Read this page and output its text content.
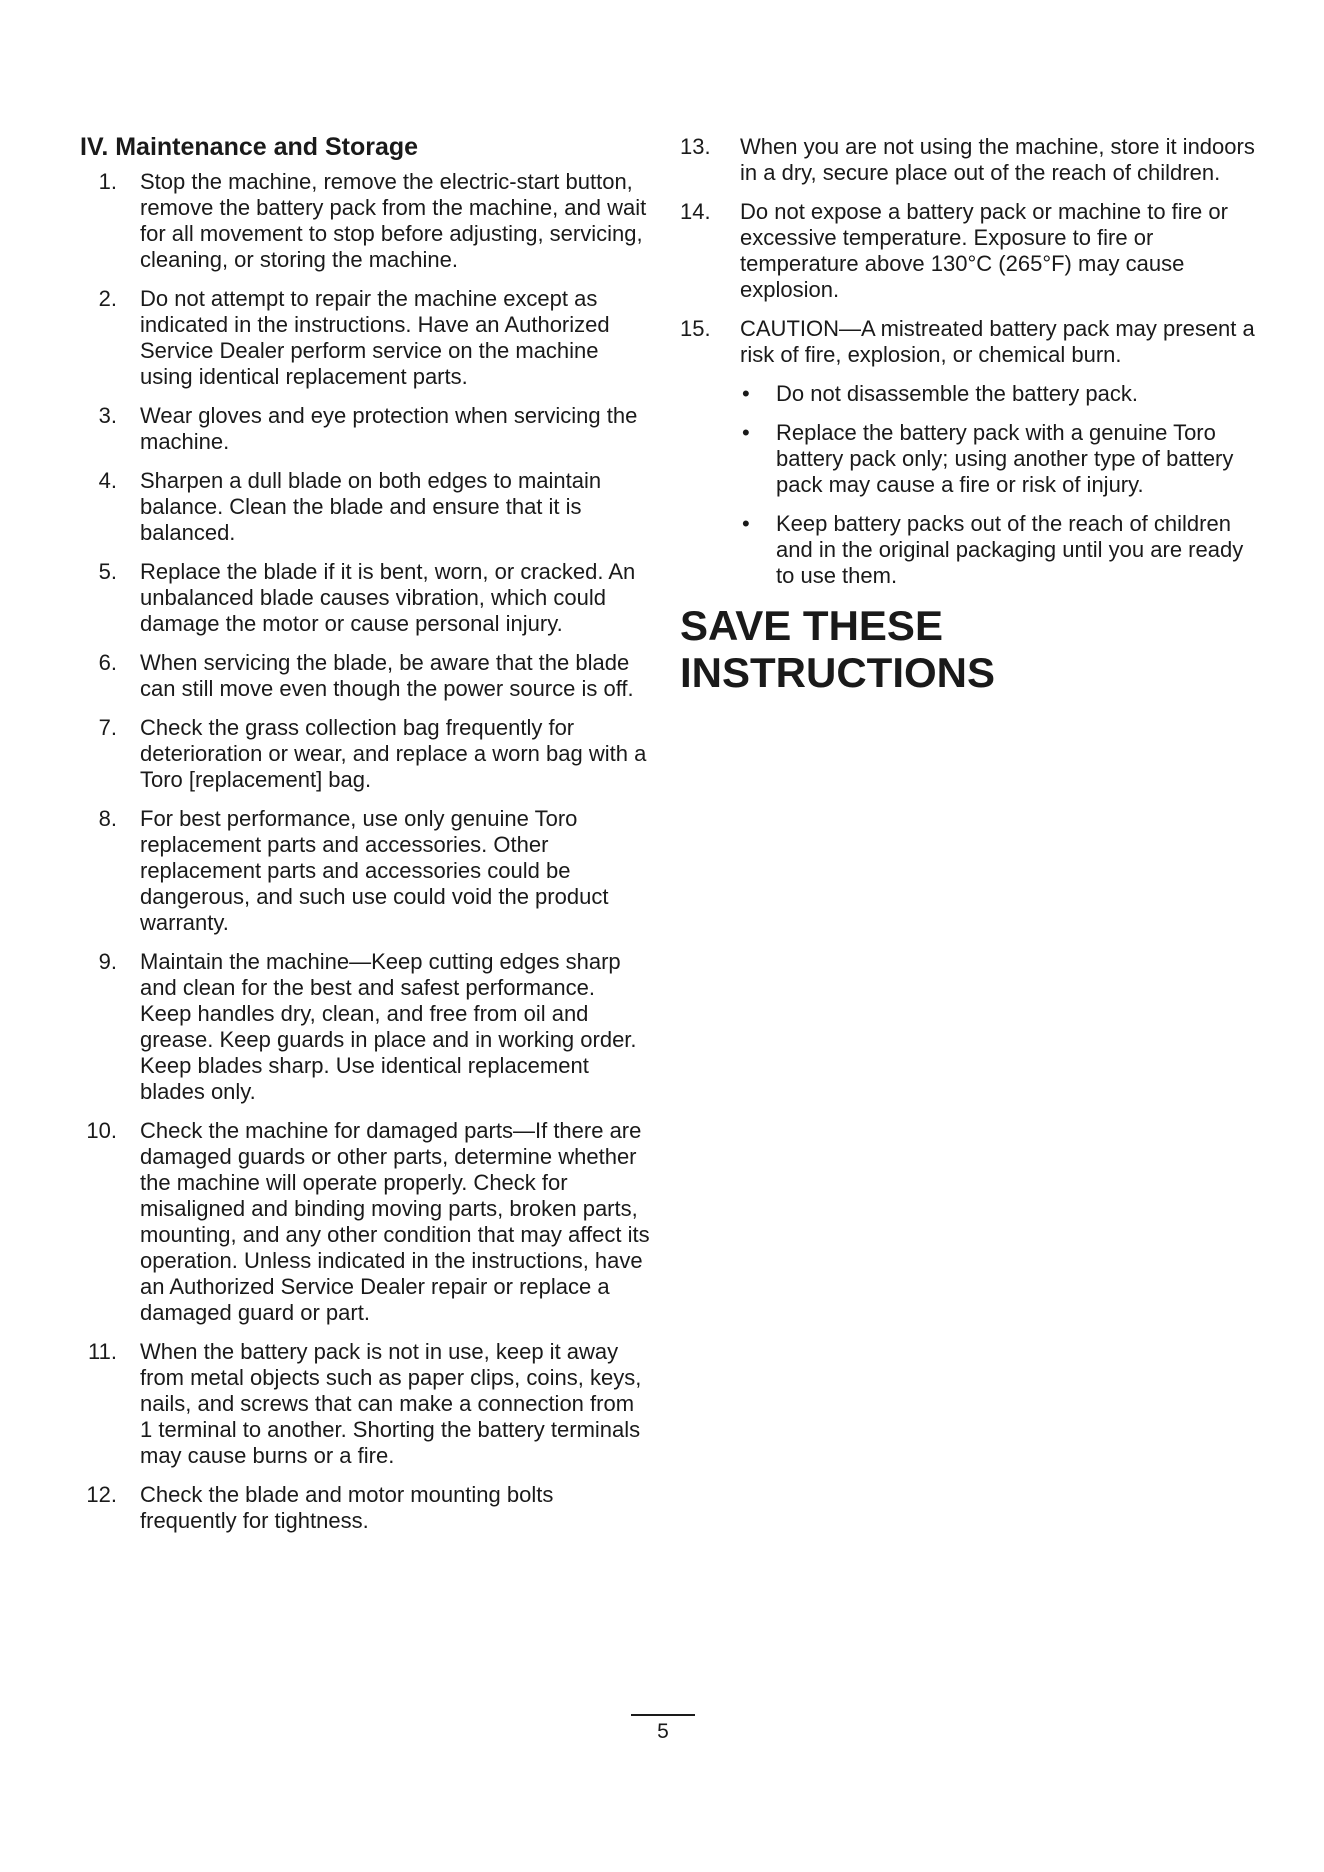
IV. Maintenance and Storage
1. Stop the machine, remove the electric-start button, remove the battery pack from the machine, and wait for all movement to stop before adjusting, servicing, cleaning, or storing the machine.
2. Do not attempt to repair the machine except as indicated in the instructions. Have an Authorized Service Dealer perform service on the machine using identical replacement parts.
3. Wear gloves and eye protection when servicing the machine.
4. Sharpen a dull blade on both edges to maintain balance. Clean the blade and ensure that it is balanced.
5. Replace the blade if it is bent, worn, or cracked. An unbalanced blade causes vibration, which could damage the motor or cause personal injury.
6. When servicing the blade, be aware that the blade can still move even though the power source is off.
7. Check the grass collection bag frequently for deterioration or wear, and replace a worn bag with a Toro [replacement] bag.
8. For best performance, use only genuine Toro replacement parts and accessories. Other replacement parts and accessories could be dangerous, and such use could void the product warranty.
9. Maintain the machine—Keep cutting edges sharp and clean for the best and safest performance. Keep handles dry, clean, and free from oil and grease. Keep guards in place and in working order. Keep blades sharp. Use identical replacement blades only.
10. Check the machine for damaged parts—If there are damaged guards or other parts, determine whether the machine will operate properly. Check for misaligned and binding moving parts, broken parts, mounting, and any other condition that may affect its operation. Unless indicated in the instructions, have an Authorized Service Dealer repair or replace a damaged guard or part.
11. When the battery pack is not in use, keep it away from metal objects such as paper clips, coins, keys, nails, and screws that can make a connection from 1 terminal to another. Shorting the battery terminals may cause burns or a fire.
12. Check the blade and motor mounting bolts frequently for tightness.
13. When you are not using the machine, store it indoors in a dry, secure place out of the reach of children.
14. Do not expose a battery pack or machine to fire or excessive temperature. Exposure to fire or temperature above 130°C (265°F) may cause explosion.
15. CAUTION—A mistreated battery pack may present a risk of fire, explosion, or chemical burn.
•	Do not disassemble the battery pack.
•	Replace the battery pack with a genuine Toro battery pack only; using another type of battery pack may cause a fire or risk of injury.
•	Keep battery packs out of the reach of children and in the original packaging until you are ready to use them.
SAVE THESE
INSTRUCTIONS
5
